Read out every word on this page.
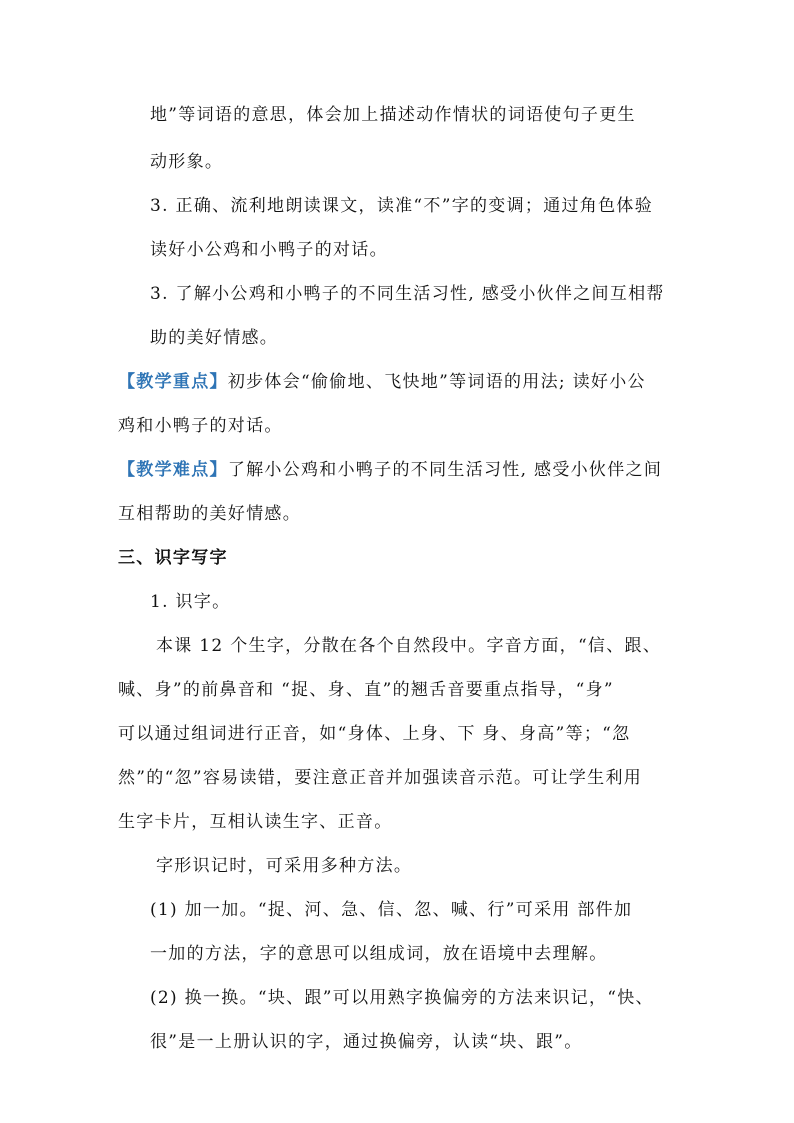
地”等词语的意思，体会加上描述动作情状的词语使句子更生
动形象。
3. 正确、流利地朗读课文，读准“不”字的变调；通过角色体验
读好小公鸡和小鸭子的对话。
3. 了解小公鸡和小鸭子的不同生活习性, 感受小伙伴之间互相帮
助的美好情感。
【教学重点】初步体会“偷偷地、飞快地”等词语的用法; 读好小公
鸡和小鸭子的对话。
【教学难点】了解小公鸡和小鸭子的不同生活习性, 感受小伙伴之间
互相帮助的美好情感。
三、识字写字
1. 识字。
本课 12 个生字，分散在各个自然段中。字音方面，“信、跟、
喊、身”的前鼻音和 “捉、身、直”的翘舌音要重点指导，“身”
可以通过组词进行正音，如“身体、上身、下 身、身高”等；“忽
然”的“忽”容易读错，要注意正音并加强读音示范。可让学生利用
生字卡片，互相认读生字、正音。
字形识记时，可采用多种方法。
(1) 加一加。“捉、河、急、信、忽、喊、行”可采用 部件加
一加的方法，字的意思可以组成词，放在语境中去理解。
(2) 换一换。“块、跟”可以用熟字换偏旁的方法来识记，“快、
很”是一上册认识的字，通过换偏旁，认读“块、跟”。
